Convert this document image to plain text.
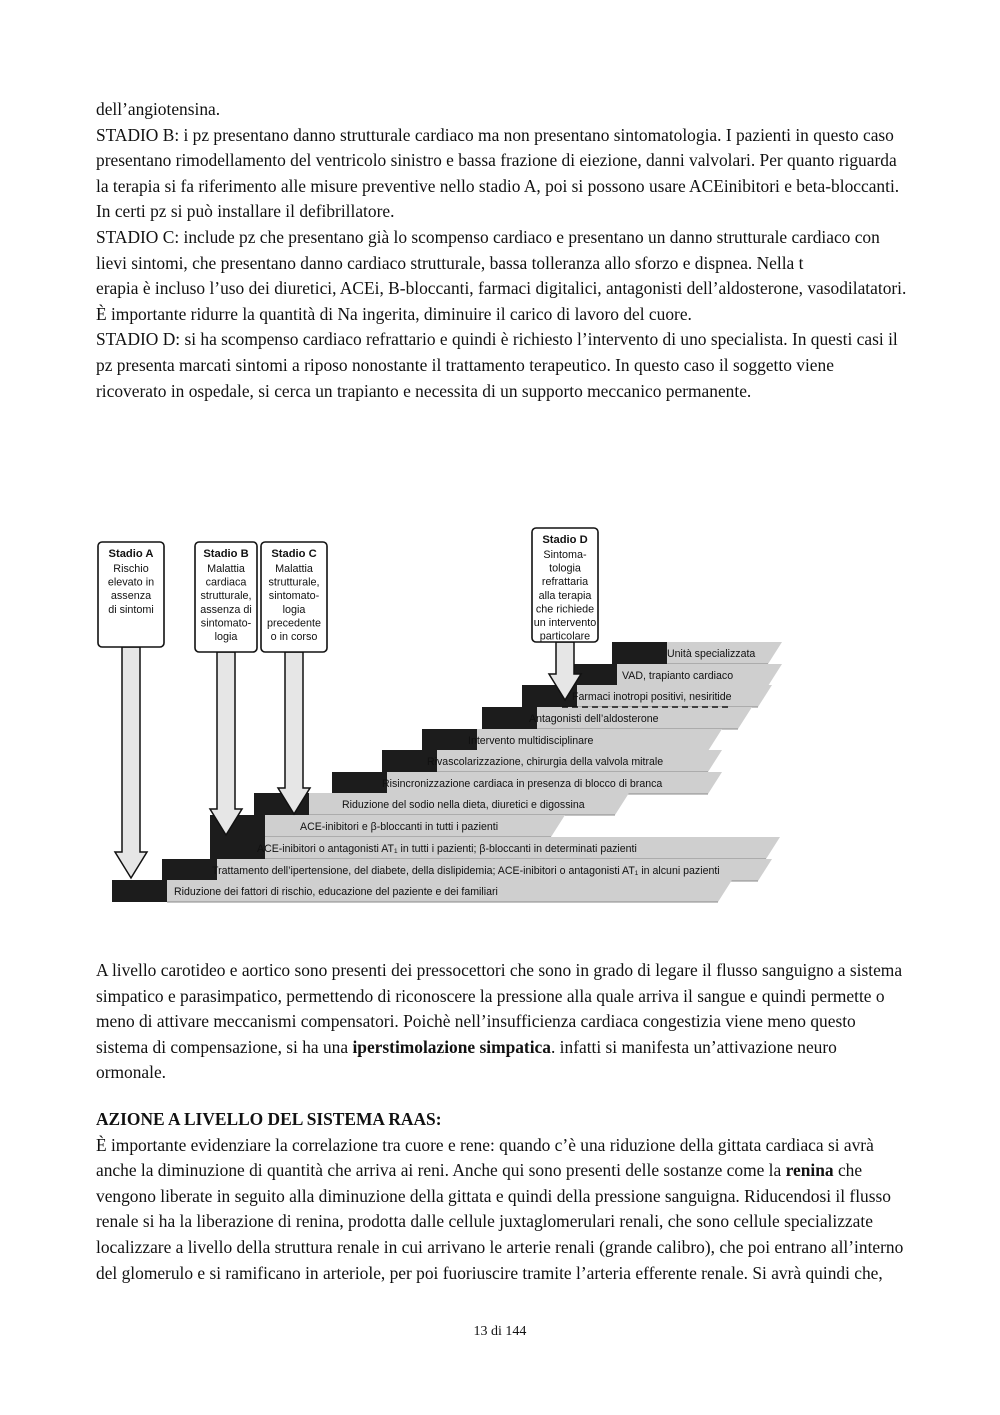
dell’angiotensina.

STADIO B: i pz presentano danno strutturale cardiaco ma non presentano sintomatologia. I pazienti in questo caso presentano rimodellamento del ventricolo sinistro e bassa frazione di eiezione, danni valvolari. Per quanto riguarda la terapia si fa riferimento alle misure preventive nello stadio A, poi si possono usare ACEinibitori e beta-bloccanti. In certi pz si può installare il defibrillatore.

STADIO C: include pz che presentano già lo scompenso cardiaco e presentano un danno strutturale cardiaco con lievi sintomi, che presentano danno cardiaco strutturale, bassa tolleranza allo sforzo e dispnea. Nella t

erapia è incluso l’uso dei diuretici, ACEi, B-bloccanti, farmaci digitalici, antagonisti dell’aldosterone, vasodilatatori. È importante ridurre la quantità di Na ingerita, diminuire il carico di lavoro del cuore.

STADIO D: si ha scompenso cardiaco refrattario e quindi è richiesto l’intervento di uno specialista. In questi casi il pz presenta marcati sintomi a riposo nonostante il trattamento terapeutico. In questo caso il soggetto viene ricoverato in ospedale, si cerca un trapianto e necessita di un supporto meccanico permanente.

Unità specializzata
VAD, trapianto cardiaco
Farmaci inotropi positivi, nesiritide
Antagonisti dell’aldosterone
Intervento multidisciplinare
Rivascolarizzazione, chirurgia della valvola mitrale
Risincronizzazione cardiaca in presenza di blocco di branca
Riduzione del sodio nella dieta, diuretici e digossina
ACE-inibitori e β-bloccanti in tutti i pazienti
ACE-inibitori o antagonisti AT₁ in tutti i pazienti; β-bloccanti in determinati pazienti
Trattamento dell’ipertensione, del diabete, della dislipidemia; ACE-inibitori o antagonisti AT₁ in alcuni pazienti
Riduzione dei fattori di rischio, educazione del paziente e dei familiari
Stadio A
Rischio
elevato in
assenza
di sintomi
Stadio B
Malattia
cardiaca
strutturale,
assenza di
sintomato-
logia
Stadio C
Malattia
strutturale,
sintomato-
logia
precedente
o in corso
Stadio D
Sintoma-
tologia
refrattaria
alla terapia
che richiede
un intervento
particolare

A livello carotideo e aortico sono presenti dei pressocettori che sono in grado di legare il flusso sanguigno a sistema simpatico e parasimpatico, permettendo di riconoscere la pressione alla quale arriva il sangue e quindi permette o meno di attivare meccanismi compensatori. Poichè nell’insufficienza cardiaca congestizia viene meno questo sistema di compensazione, si ha una iperstimolazione simpatica. infatti si manifesta un’attivazione neuro ormonale.

AZIONE A LIVELLO DEL SISTEMA RAAS:

È importante evidenziare la correlazione tra cuore e rene: quando c’è una riduzione della gittata cardiaca si avrà anche la diminuzione di quantità che arriva ai reni. Anche qui sono presenti delle sostanze come la renina che vengono liberate in seguito alla diminuzione della gittata e quindi della pressione sanguigna. Riducendosi il flusso renale si ha la liberazione di renina, prodotta dalle cellule juxtaglomerulari renali, che sono cellule specializzate localizzare a livello della struttura renale in cui arrivano le arterie renali (grande calibro), che poi entrano all’interno del glomerulo e si ramificano in arteriole, per poi fuoriuscire tramite l’arteria efferente renale. Si avrà quindi che,

13 di 144
